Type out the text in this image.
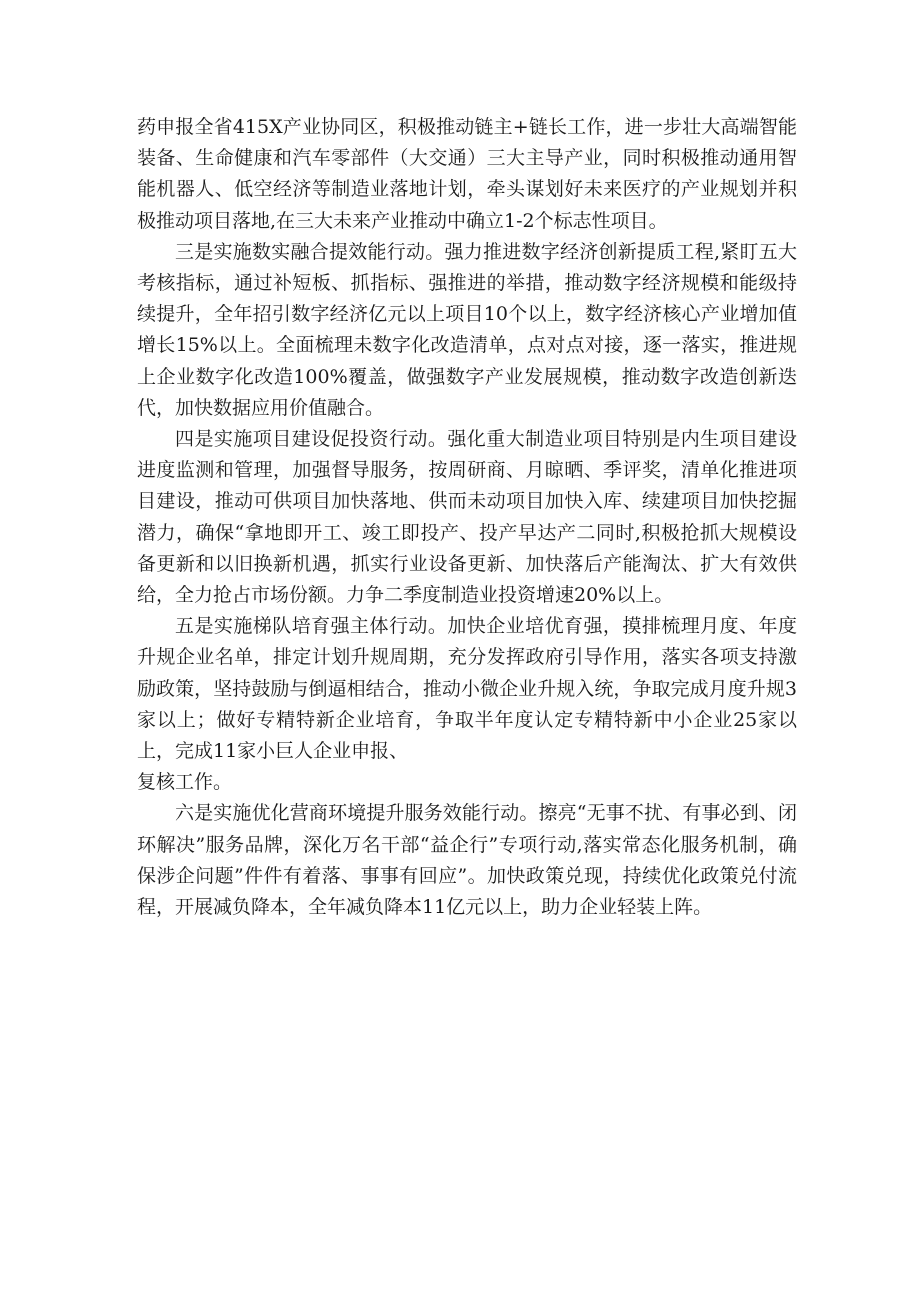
药申报全省415X产业协同区，积极推动链主+链长工作，进一步壮大高端智能装备、生命健康和汽车零部件（大交通）三大主导产业，同时积极推动通用智能机器人、低空经济等制造业落地计划，牵头谋划好未来医疗的产业规划并积极推动项目落地,在三大未来产业推动中确立1-2个标志性项目。

三是实施数实融合提效能行动。强力推进数字经济创新提质工程,紧盯五大考核指标，通过补短板、抓指标、强推进的举措，推动数字经济规模和能级持续提升，全年招引数字经济亿元以上项目10个以上，数字经济核心产业增加值增长15%以上。全面梳理未数字化改造清单，点对点对接，逐一落实，推进规上企业数字化改造100%覆盖，做强数字产业发展规模，推动数字改造创新迭代，加快数据应用价值融合。

四是实施项目建设促投资行动。强化重大制造业项目特别是内生项目建设进度监测和管理，加强督导服务，按周研商、月晾晒、季评奖，清单化推进项目建设，推动可供项目加快落地、供而未动项目加快入库、续建项目加快挖掘潜力，确保“拿地即开工、竣工即投产、投产早达产二同时,积极抢抓大规模设备更新和以旧换新机遇，抓实行业设备更新、加快落后产能淘汰、扩大有效供给，全力抢占市场份额。力争二季度制造业投资增速20%以上。

五是实施梯队培育强主体行动。加快企业培优育强，摸排梳理月度、年度升规企业名单，排定计划升规周期，充分发挥政府引导作用，落实各项支持激励政策，坚持鼓励与倒逼相结合，推动小微企业升规入统，争取完成月度升规3家以上；做好专精特新企业培育，争取半年度认定专精特新中小企业25家以上，完成11家小巨人企业申报、

复核工作。

六是实施优化营商环境提升服务效能行动。擦亮“无事不扰、有事必到、闭环解决”服务品牌，深化万名干部“益企行”专项行动,落实常态化服务机制，确保涉企问题”件件有着落、事事有回应”。加快政策兑现，持续优化政策兑付流程，开展减负降本，全年减负降本11亿元以上，助力企业轻装上阵。
